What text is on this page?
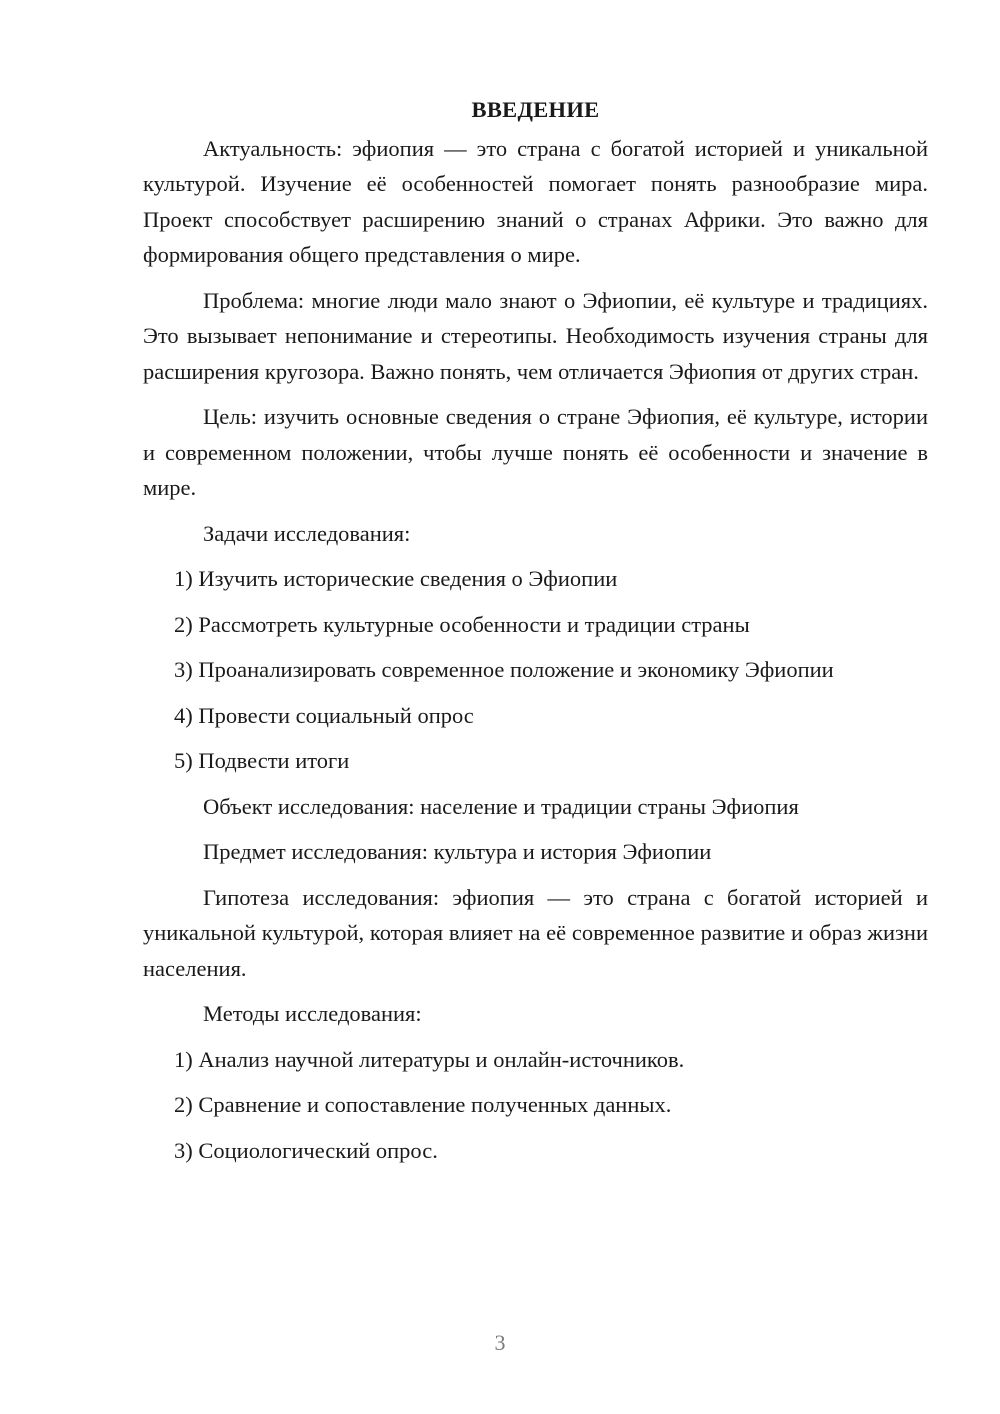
ВВЕДЕНИЕ

Актуальность: эфиопия — это страна с богатой историей и уникальной культурой. Изучение её особенностей помогает понять разнообразие мира. Проект способствует расширению знаний о странах Африки. Это важно для формирования общего представления о мире.

Проблема: многие люди мало знают о Эфиопии, её культуре и традициях. Это вызывает непонимание и стереотипы. Необходимость изучения страны для расширения кругозора. Важно понять, чем отличается Эфиопия от других стран.

Цель: изучить основные сведения о стране Эфиопия, её культуре, истории и современном положении, чтобы лучше понять её особенности и значение в мире.

Задачи исследования:

1) Изучить исторические сведения о Эфиопии

2) Рассмотреть культурные особенности и традиции страны

3) Проанализировать современное положение и экономику Эфиопии

4) Провести социальный опрос

5) Подвести итоги

Объект исследования: население и традиции страны Эфиопия

Предмет исследования: культура и история Эфиопии

Гипотеза исследования: эфиопия — это страна с богатой историей и уникальной культурой, которая влияет на её современное развитие и образ жизни населения.

Методы исследования:

1) Анализ научной литературы и онлайн-источников.

2) Сравнение и сопоставление полученных данных.

3) Социологический опрос.

3
